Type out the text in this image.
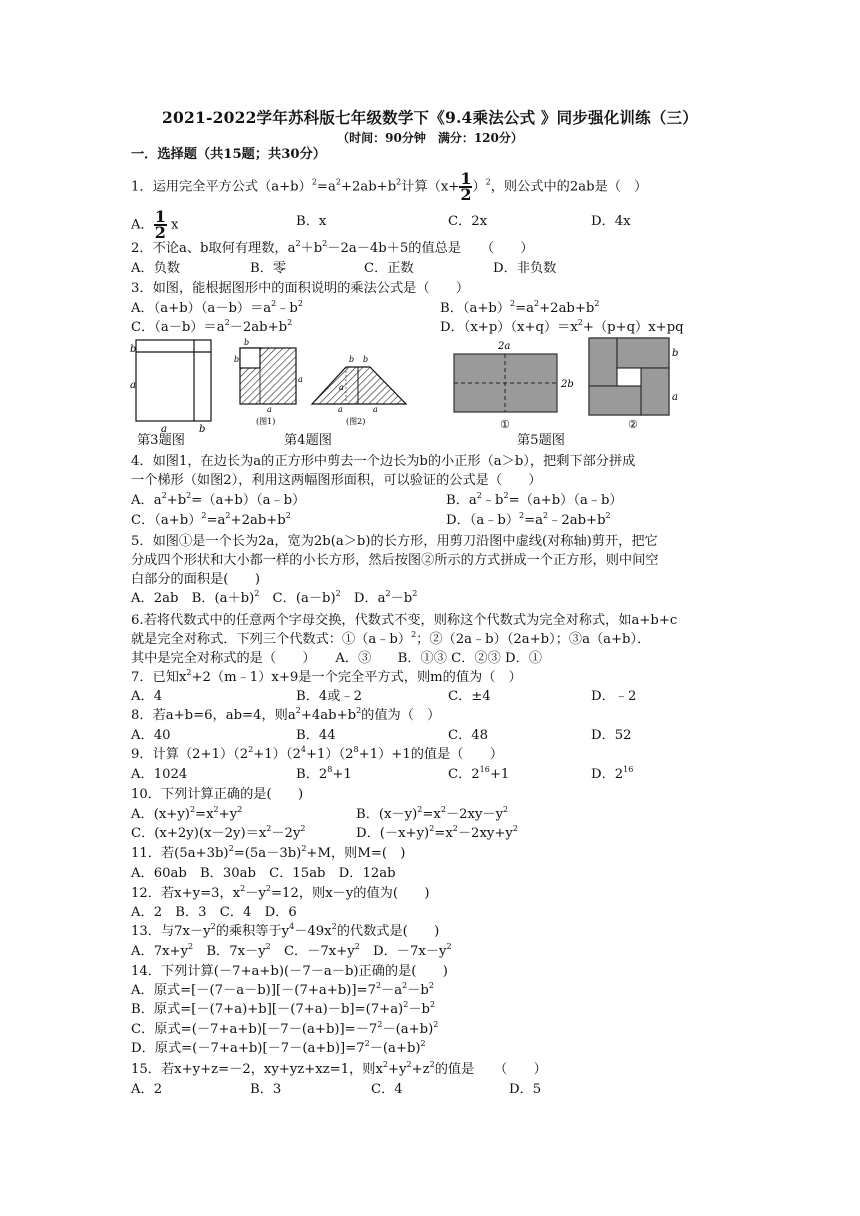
2021-2022学年苏科版七年级数学下《9.4乘法公式 》同步强化训练（三）
（时间：90分钟　满分：120分）
一．选择题（共15题；共30分）
1．运用完全平方公式$(a+b)^2=a^2+2ab+b^2$计算$(x+ \frac{1}{2} )^2$，则公式中的2ab是（　）
A． $\frac{1}{2}$ x	B．x	C．2x	D．4x
2．不论a、b取何有理数，$a^2+b^2-2a-4b+5$的值总是　　（　　）
A．负数	B．零	C．正数	D．非负数
3．如图，能根据图形中的面积说明的乘法公式是（　　）
A．$(a+b)(a-b)=a^2﹣b^2$	B．$(a+b)^2=a^2+2ab+b^2$
C．$(a-b)=a^2-2ab+b^2$	D．$(x+p)(x+q)=x^2+(p+q)x+pq$
b
a
a	b
b
b
a
a
(图1)
b b
a
a	a
(图2)
2a
2b
①
b
a
②
第3题图	第4题图	第5题图
4．如图1，在边长为a的正方形中剪去一个边长为b的小正形（a＞b），把剩下部分拼成
一个梯形（如图2），利用这两幅图形面积，可以验证的公式是（　　）
A．$a^2+b^2=(a+b)(a﹣b)$	B．$a^2﹣b^2=(a+b)(a﹣b)$
C．$(a+b)^2=a^2+2ab+b^2$	D．$(a﹣b)^2=a^2﹣2ab+b^2$
5．如图①是一个长为2a，宽为2b(a＞b)的长方形，用剪刀沿图中虚线(对称轴)剪开，把它
分成四个形状和大小都一样的小长方形，然后按图②所示的方式拼成一个正方形，则中间空
白部分的面积是(　　)
A．2ab　B．$(a+b)^2$　C．$(a-b)^2$　D．$a^2-b^2$
6.若将代数式中的任意两个字母交换，代数式不变，则称这个代数式为完全对称式，如a+b+c
就是完全对称式．下列三个代数式：①（a﹣b）$^2$；②（2a﹣b）（2a+b）；③a（a+b）．
其中是完全对称式的是（　　）　　A．③　　B．①③ C．②③ D．①
7．已知$x^2+2(m﹣1)x+9$是一个完全平方式，则m的值为（　）
A．4	B．4或﹣2	C．±4	D．﹣2
8．若a+b=6，ab=4，则$a^2+4ab+b^2$的值为（　）
A．40	B．44	C．48	D．52
9．计算$(2+1)(2^2+1)(2^4+1)(2^8+1)+1$的值是（　　）
A．1024	B．$2^8+1$	C．$2^{16}+1$	D．$2^{16}$
10．下列计算正确的是(　　)
A．$(x+y)^2=x^2+y^2$	B．$(x-y)^2=x^2-2xy-y^2$
C．$(x+2y)(x-2y)=x^2-2y^2$	D．$(-x+y)^2=x^2-2xy+y^2$
11．若$(5a+3b)^2=(5a-3b)^2+M$，则M=(　)
A．60ab　B．30ab　C．15ab　D．12ab
12．若x+y=3，$x^2-y^2=12$，则x－y的值为(　　)
A．2　B．3　C．4　D．6
13．与$7x-y^2$的乘积等于$y^4-49x^2$的代数式是(　　)
A．$7x+y^2$　B．$7x-y^2$　C．$-7x+y^2$　D．$-7x-y^2$
14．下列计算(－7+a+b)(－7－a－b)正确的是(　　)
A．原式$=[-(7-a-b)][-(7+a+b)]=7^2-a^2-b^2$
B．原式$=[-(7+a)+b][-(7+a)-b]=(7+a)^2-b^2$
C．原式$=(-7+a+b)[-7-(a+b)]=-7^2-(a+b)^2$
D．原式$=(-7+a+b)[-7-(a+b)]=7^2-(a+b)^2$
15．若x+y+z=－2，xy+yz+xz=1，则$x^2+y^2+z^2$的值是　　（　　）
A．2	B．3	C．4	D．5
